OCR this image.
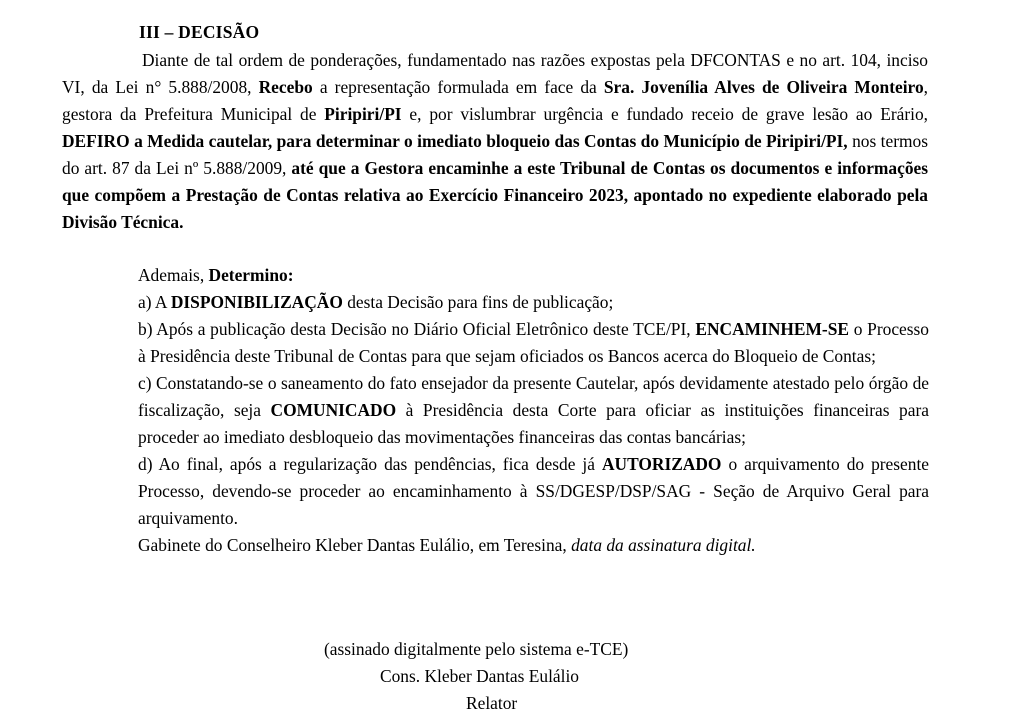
III – DECISÃO

Diante de tal ordem de ponderações, fundamentado nas razões expostas pela DFCONTAS e no art. 104, inciso VI, da Lei n° 5.888/2008, Recebo a representação formulada em face da Sra. Jovenília Alves de Oliveira Monteiro, gestora da Prefeitura Municipal de Piripiri/PI e, por vislumbrar urgência e fundado receio de grave lesão ao Erário, DEFIRO a Medida cautelar, para determinar o imediato bloqueio das Contas do Município de Piripiri/PI, nos termos do art. 87 da Lei nº 5.888/2009, até que a Gestora encaminhe a este Tribunal de Contas os documentos e informações que compõem a Prestação de Contas relativa ao Exercício Financeiro 2023, apontado no expediente elaborado pela Divisão Técnica.

Ademais, Determino:

a) A DISPONIBILIZAÇÃO desta Decisão para fins de publicação;

b) Após a publicação desta Decisão no Diário Oficial Eletrônico deste TCE/PI, ENCAMINHEM-SE o Processo à Presidência deste Tribunal de Contas para que sejam oficiados os Bancos acerca do Bloqueio de Contas;

c) Constatando-se o saneamento do fato ensejador da presente Cautelar, após devidamente atestado pelo órgão de fiscalização, seja COMUNICADO à Presidência desta Corte para oficiar as instituições financeiras para proceder ao imediato desbloqueio das movimentações financeiras das contas bancárias;

d) Ao final, após a regularização das pendências, fica desde já AUTORIZADO o arquivamento do presente Processo, devendo-se proceder ao encaminhamento à SS/DGESP/DSP/SAG - Seção de Arquivo Geral para arquivamento.

Gabinete do Conselheiro Kleber Dantas Eulálio, em Teresina, data da assinatura digital.

(assinado digitalmente pelo sistema e-TCE)
Cons. Kleber Dantas Eulálio
Relator
